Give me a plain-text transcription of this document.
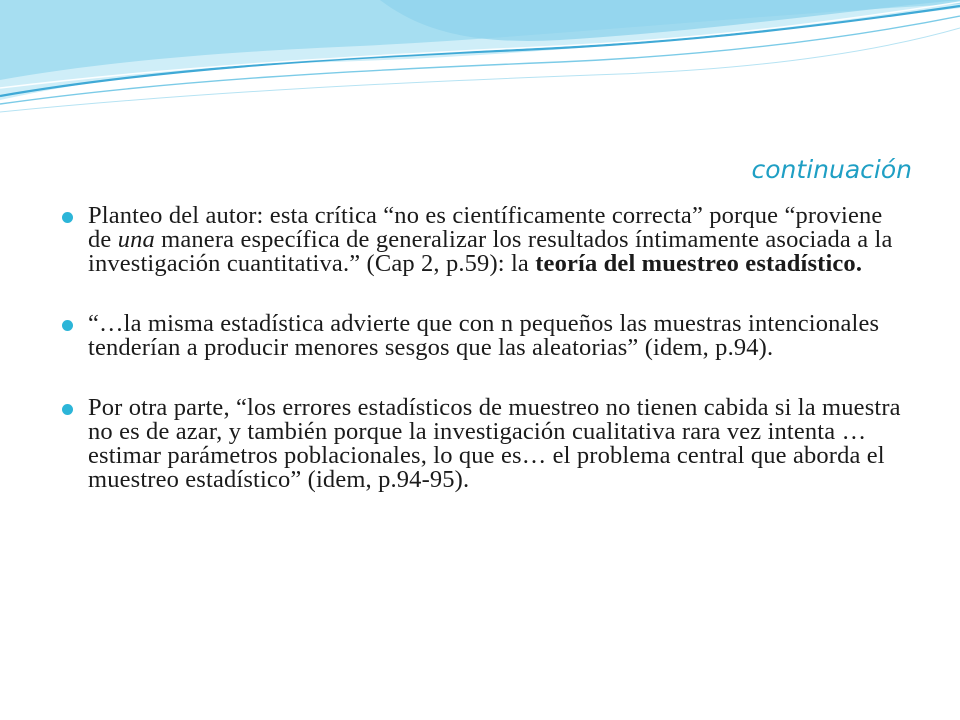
continuación
Planteo del autor: esta crítica “no es científicamente correcta” porque “proviene de una manera específica de generalizar los resultados íntimamente asociada a la investigación cuantitativa.” (Cap 2, p.59): la teoría del muestreo estadístico.
“…la misma estadística advierte que con n pequeños las muestras intencionales tenderían a producir menores sesgos que las aleatorias” (idem, p.94).
Por otra parte, “los errores estadísticos de muestreo no tienen cabida si la muestra no es de azar, y también porque la investigación cualitativa rara vez intenta … estimar parámetros poblacionales, lo que es… el problema central que aborda el muestreo estadístico” (idem, p.94-95).
